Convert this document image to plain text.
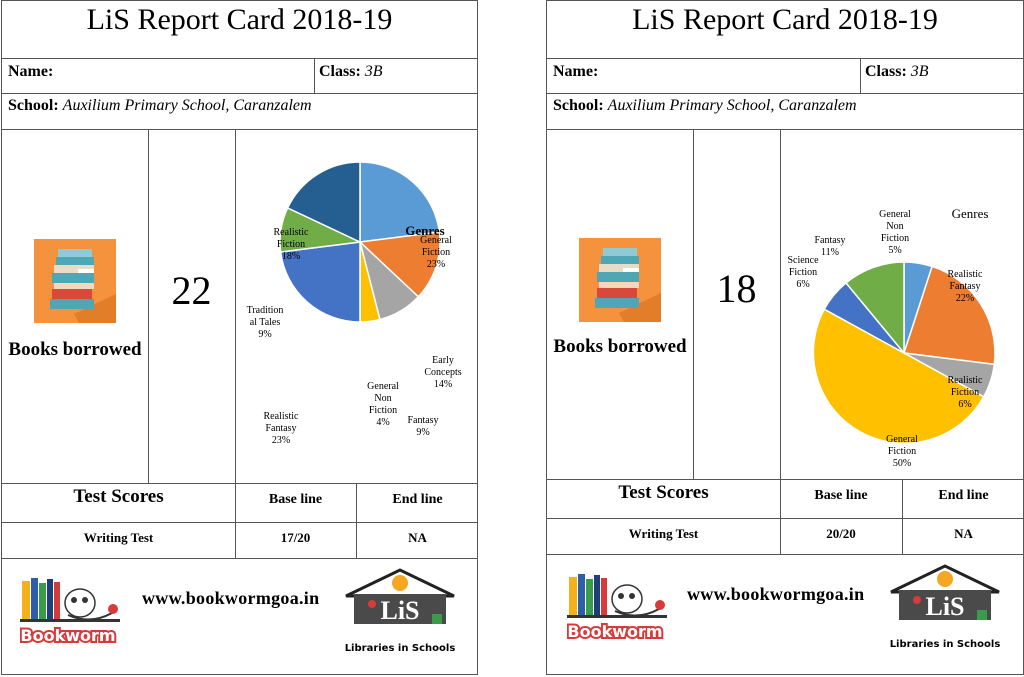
LiS Report Card 2018-19
Name:	Class: 3B
School: Auxilium Primary School, Caranzalem
Books borrowed
22
Genres
General Fiction 23%
Early Concepts 14%
Fantasy 9%
General Non Fiction 4%
Realistic Fantasy 23%
Tradition al Tales 9%
Realistic Fiction 18%
Test Scores	Base line	End line
Writing Test	17/20	NA
Bookworm
www.bookwormgoa.in LiS
Libraries in Schools
LiS Report Card 2018-19
Name:	Class: 3B
School: Auxilium Primary School, Caranzalem
Books borrowed
18
Genres
General Non Fiction 5%
Realistic Fantasy 22%
Realistic Fiction 6%
General Fiction 50%
Science Fiction 6%
Fantasy 11%
Test Scores	Base line	End line
Writing Test	20/20	NA
Bookworm
www.bookwormgoa.in LiS
Libraries in Schools
